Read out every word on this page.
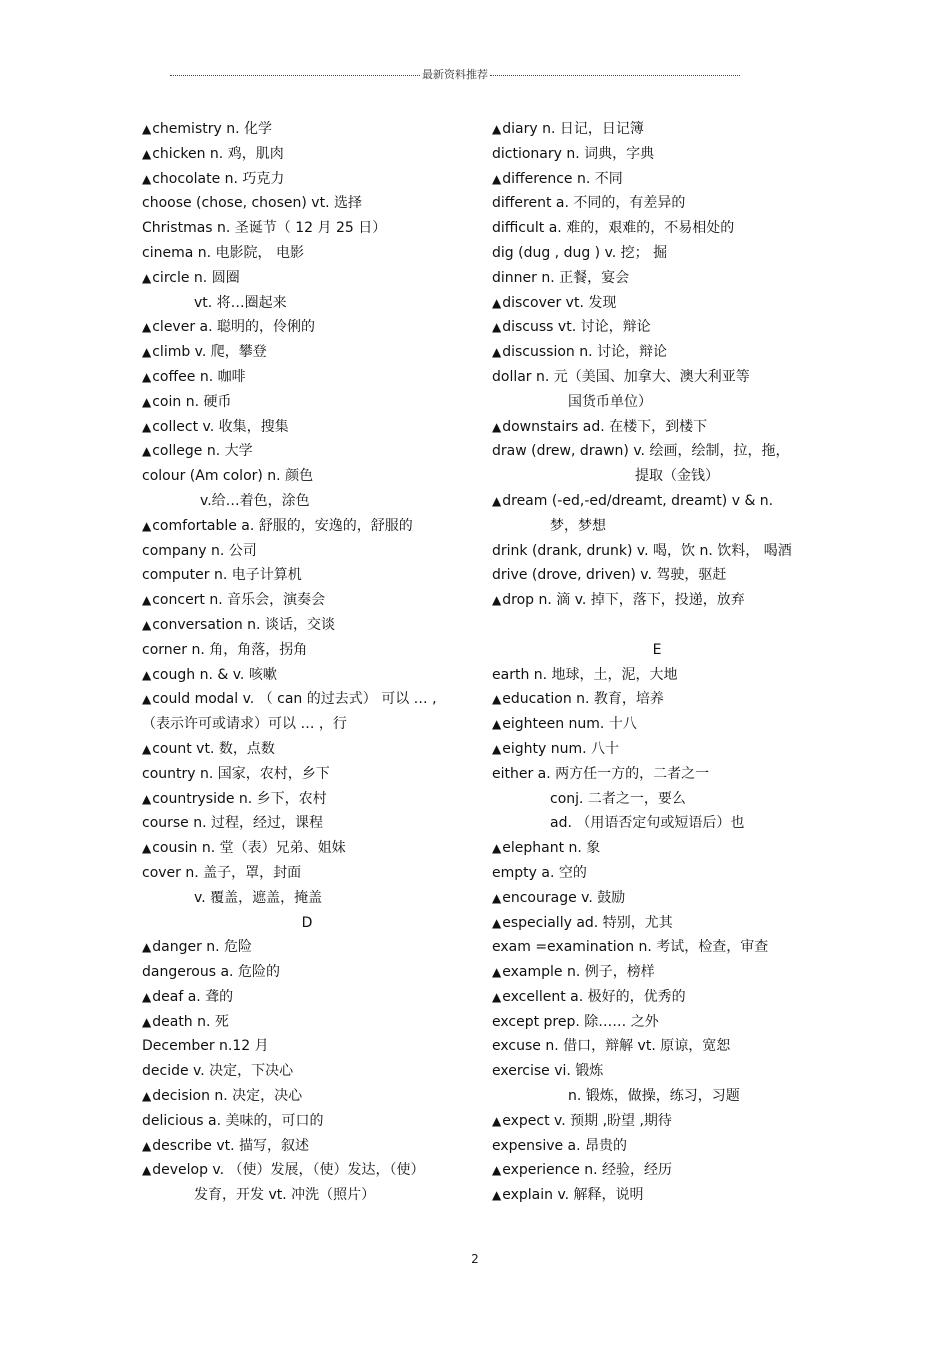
最新资料推荐
▲chemistry n. 化学
▲chicken n. 鸡，肌肉
▲chocolate n. 巧克力
choose (chose, chosen) vt. 选择
Christmas n. 圣诞节（ 12 月 25 日）
cinema n. 电影院， 电影
▲circle n. 圆圈
vt. 将…圈起来
▲clever a. 聪明的，伶俐的
▲climb v. 爬，攀登
▲coffee n. 咖啡
▲coin n. 硬币
▲collect v. 收集，搜集
▲college n. 大学
colour (Am color) n. 颜色
v.给…着色，涂色
▲comfortable a. 舒服的，安逸的，舒服的
company n. 公司
computer n. 电子计算机
▲concert n. 音乐会，演奏会
▲conversation n. 谈话，交谈
corner n. 角，角落，拐角
▲cough n. & v. 咳嗽
▲could modal v. （ can 的过去式） 可以 … ,
（表示许可或请求）可以 … ，行
▲count vt. 数，点数
country n. 国家，农村，乡下
▲countryside n. 乡下，农村
course n. 过程，经过，课程
▲cousin n. 堂（表）兄弟、姐妹
cover n. 盖子，罩，封面
v. 覆盖，遮盖，掩盖
D
▲danger n. 危险
dangerous a. 危险的
▲deaf a. 聋的
▲death n. 死
December n.12 月
decide v. 决定，下决心
▲decision n. 决定，决心
delicious a. 美味的，可口的
▲describe vt. 描写，叙述
▲develop v. （使）发展，（使）发达，（使）
发育，开发 vt. 冲洗（照片）
▲diary n. 日记，日记簿
dictionary n. 词典，字典
▲difference n. 不同
different a. 不同的，有差异的
difficult a. 难的，艰难的，不易相处的
dig (dug , dug ) v. 挖； 掘
dinner n. 正餐，宴会
▲discover vt. 发现
▲discuss vt. 讨论，辩论
▲discussion n. 讨论，辩论
dollar n. 元（美国、加拿大、澳大利亚等
国货币单位）
▲downstairs ad. 在楼下，到楼下
draw (drew, drawn) v. 绘画，绘制，拉，拖，
提取（金钱）
▲dream (-ed,-ed/dreamt, dreamt) v & n.
梦，梦想
drink (drank, drunk) v. 喝，饮 n. 饮料， 喝酒
drive (drove, driven) v. 驾驶，驱赶
▲drop n. 滴 v. 掉下，落下，投递，放弃
E
earth n. 地球，土，泥，大地
▲education n. 教育，培养
▲eighteen num. 十八
▲eighty num. 八十
either a. 两方任一方的，二者之一
conj. 二者之一，要么
ad. （用语否定句或短语后）也
▲elephant n. 象
empty a. 空的
▲encourage v. 鼓励
▲especially ad. 特别，尤其
exam =examination n. 考试，检查，审查
▲example n. 例子，榜样
▲excellent a. 极好的，优秀的
except prep. 除…… 之外
excuse n. 借口，辩解 vt. 原谅，宽恕
exercise vi. 锻炼
n. 锻炼，做操，练习，习题
▲expect v. 预期 ,盼望 ,期待
expensive a. 昂贵的
▲experience n. 经验，经历
▲explain v. 解释，说明
2
